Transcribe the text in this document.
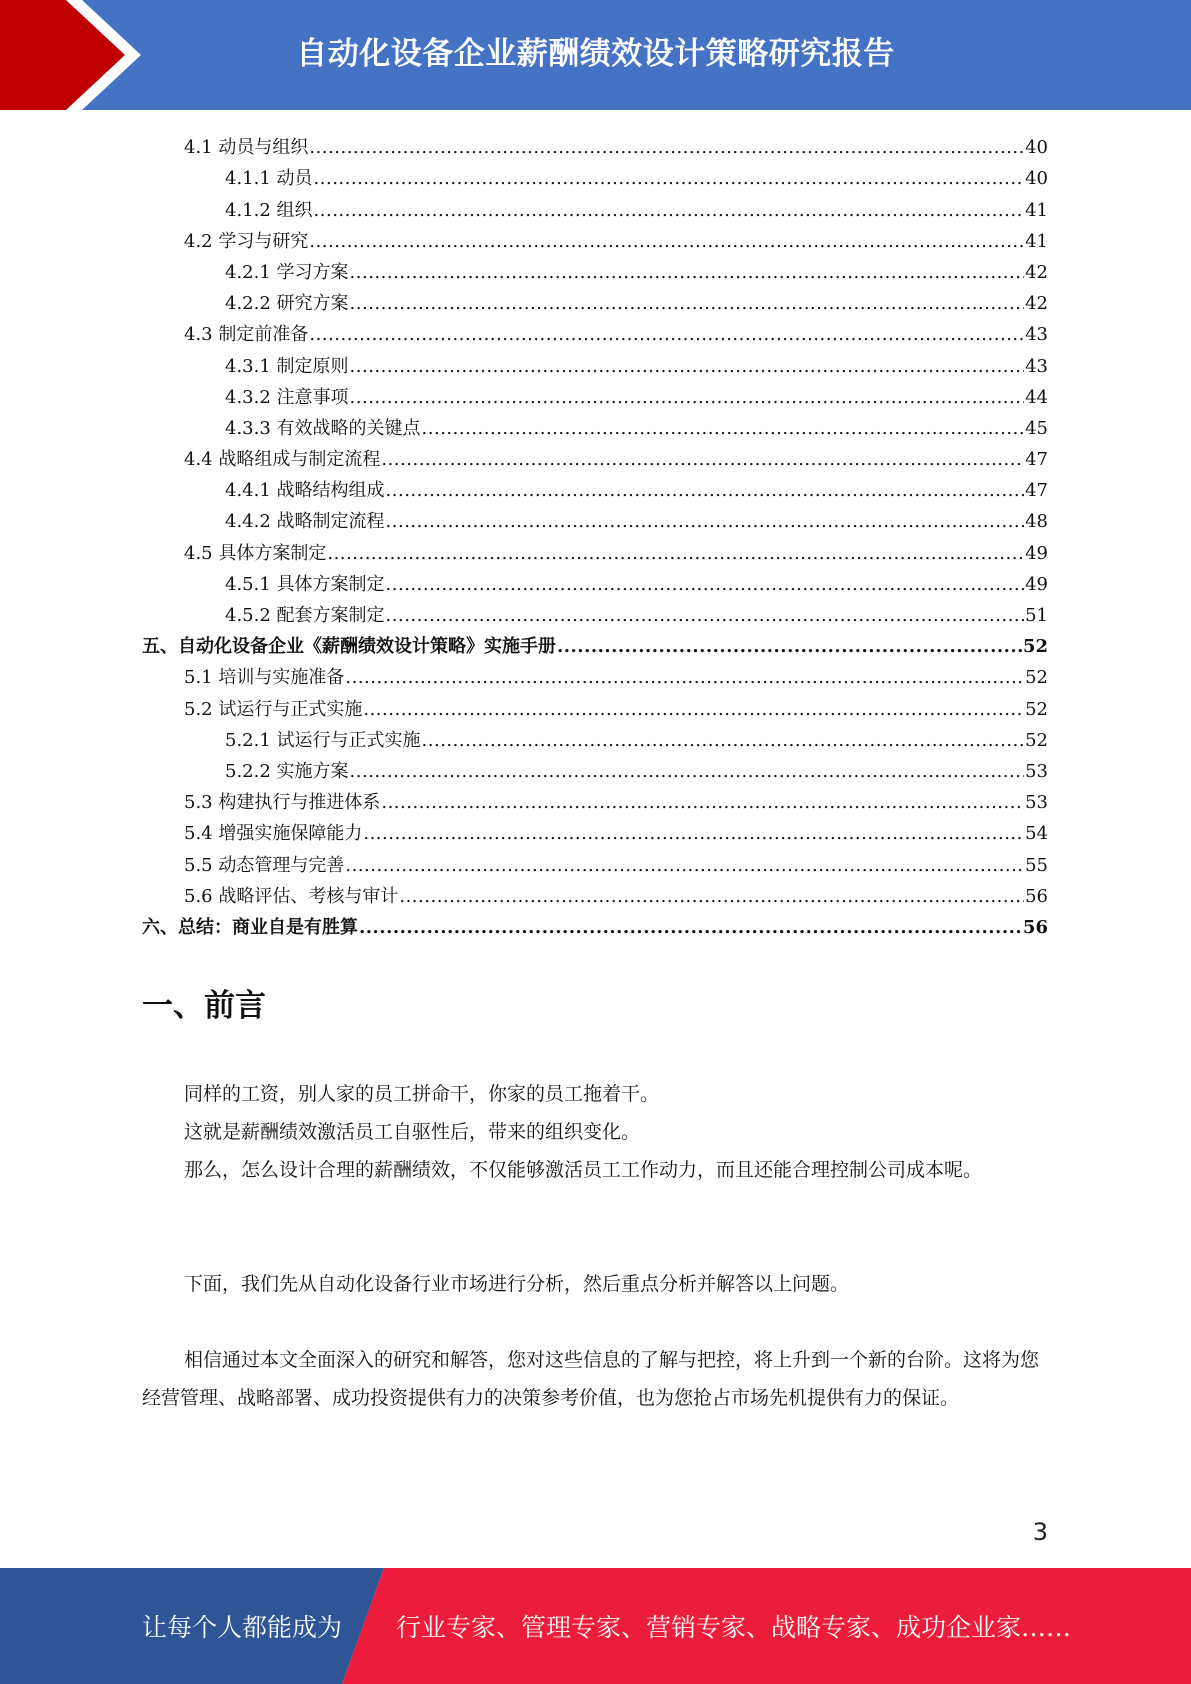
自动化设备企业薪酬绩效设计策略研究报告
4.1 动员与组织 .....	40
4.1.1 动员 .....	40
4.1.2 组织 .....	41
4.2 学习与研究 .....	41
4.2.1 学习方案 .....	42
4.2.2 研究方案 .....	42
4.3 制定前准备 .....	43
4.3.1 制定原则 .....	43
4.3.2 注意事项 .....	44
4.3.3 有效战略的关键点 .....	45
4.4 战略组成与制定流程 .....	47
4.4.1 战略结构组成 .....	47
4.4.2 战略制定流程 .....	48
4.5 具体方案制定 .....	49
4.5.1 具体方案制定 .....	49
4.5.2 配套方案制定 .....	51
五、自动化设备企业《薪酬绩效设计策略》实施手册 .....	52
5.1 培训与实施准备 .....	52
5.2 试运行与正式实施 .....	52
5.2.1 试运行与正式实施 .....	52
5.2.2 实施方案 .....	53
5.3 构建执行与推进体系 .....	53
5.4 增强实施保障能力 .....	54
5.5 动态管理与完善 .....	55
5.6 战略评估、考核与审计 .....	56
六、总结：商业自是有胜算 .....	56
一、前言

同样的工资，别人家的员工拼命干，你家的员工拖着干。

这就是薪酬绩效激活员工自驱性后，带来的组织变化。

那么，怎么设计合理的薪酬绩效，不仅能够激活员工工作动力，而且还能合理控制公司成本呢。

下面，我们先从自动化设备行业市场进行分析，然后重点分析并解答以上问题。

相信通过本文全面深入的研究和解答，您对这些信息的了解与把控，将上升到一个新的台阶。这将为您经营管理、战略部署、成功投资提供有力的决策参考价值，也为您抢占市场先机提供有力的保证。

3
让每个人都能成为 行业专家、管理专家、营销专家、战略专家、成功企业家……
